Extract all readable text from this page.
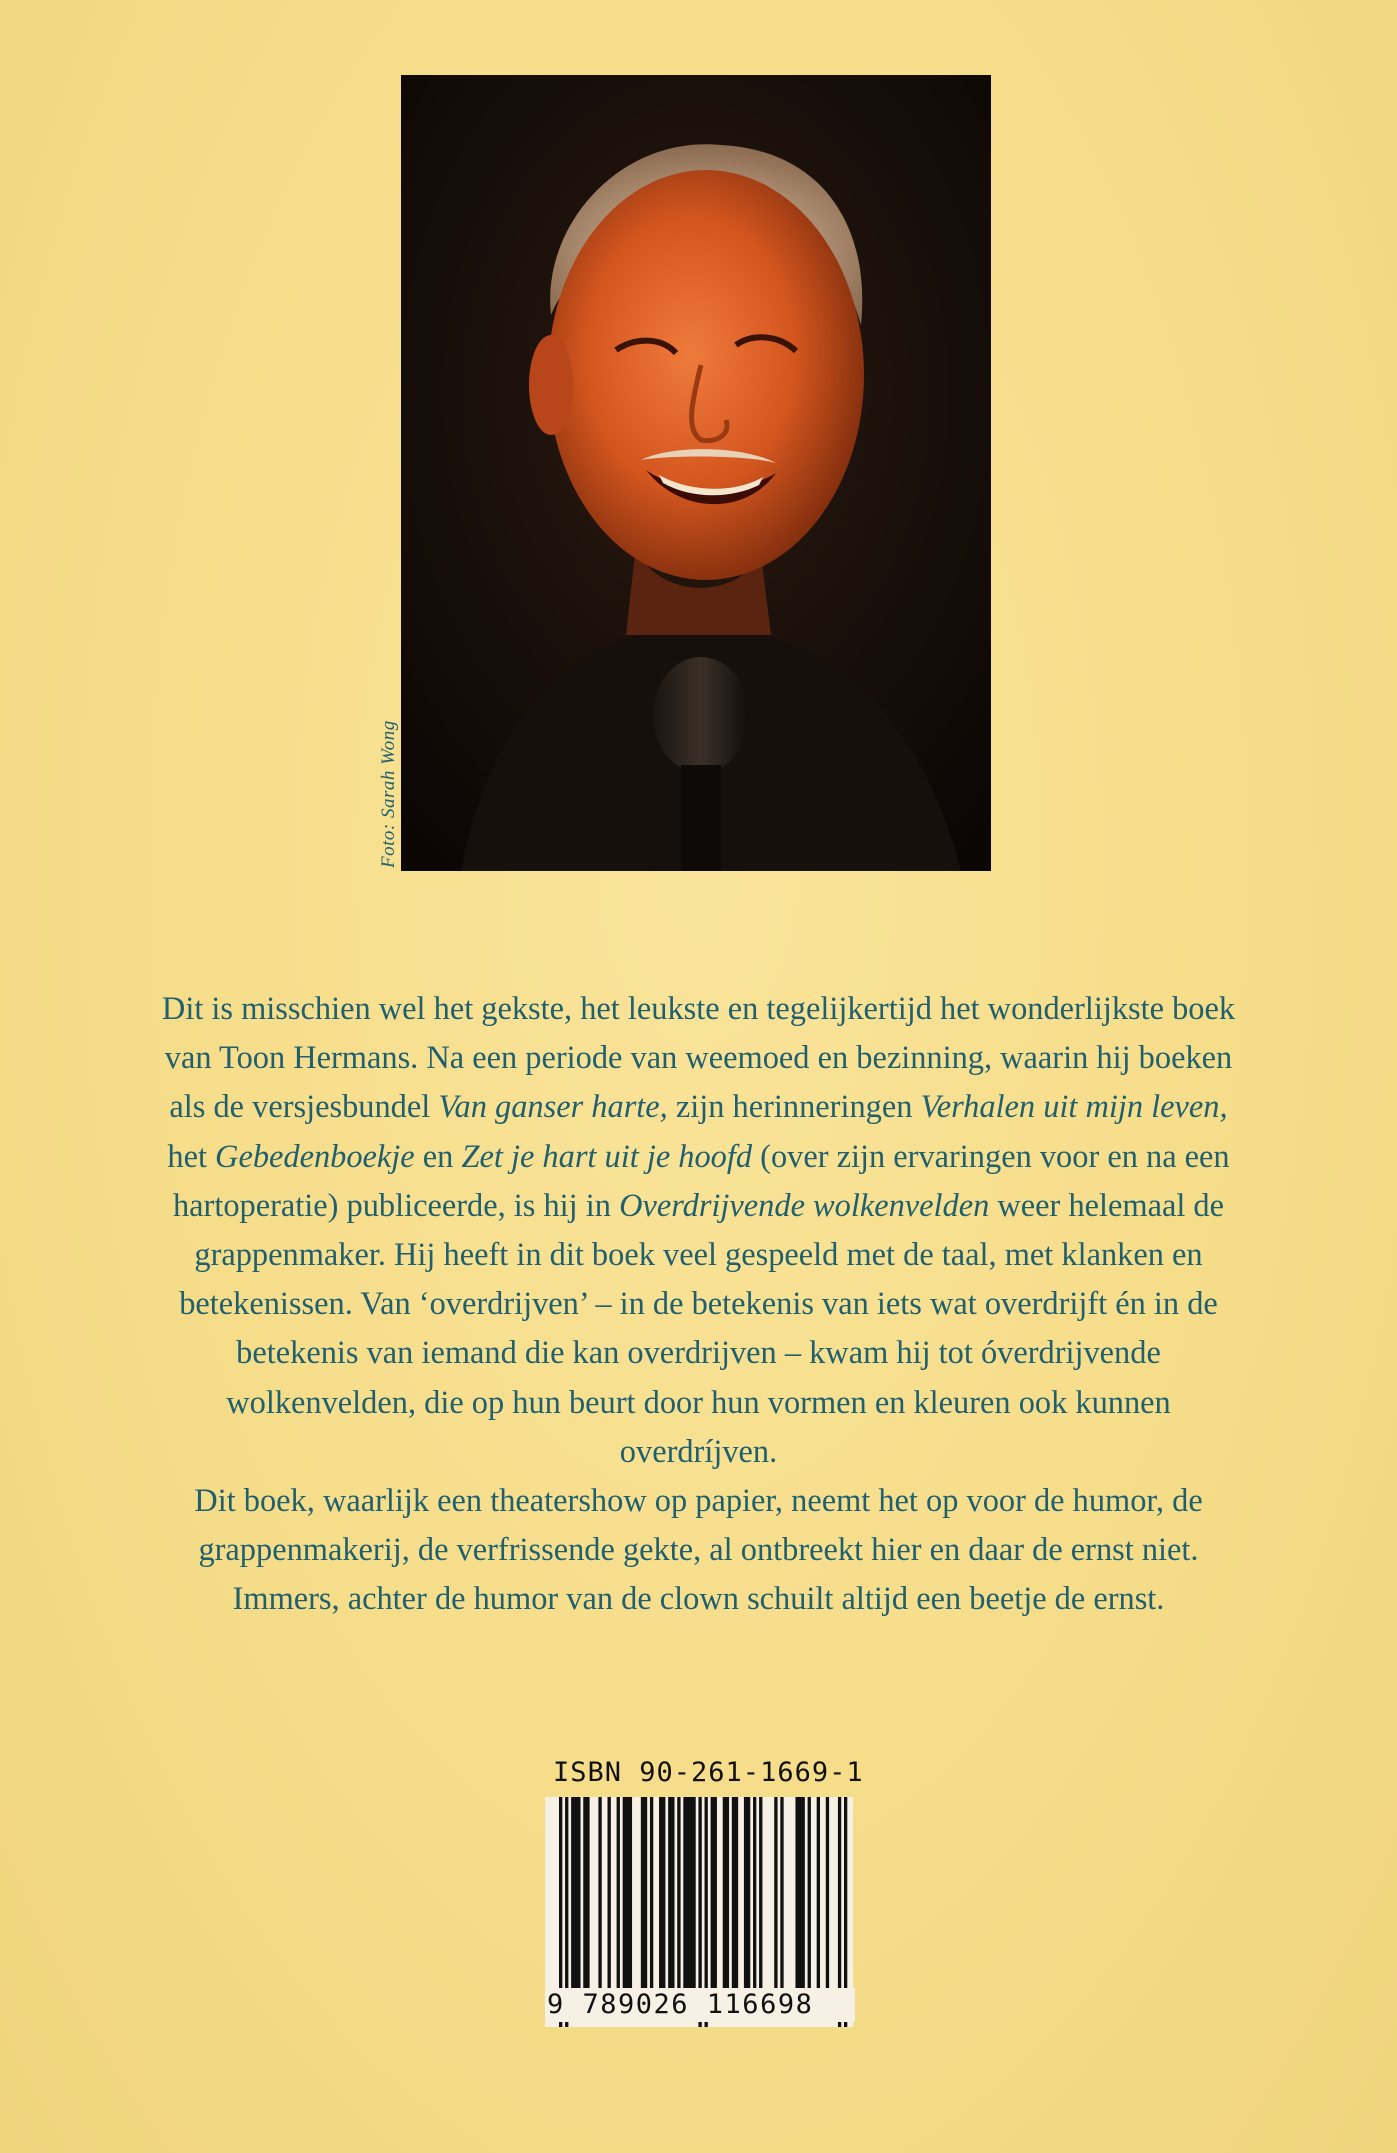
Foto: Sarah Wong

Dit is misschien wel het gekste, het leukste en tegelijkertijd het wonderlijkste boek van Toon Hermans. Na een periode van weemoed en bezinning, waarin hij boeken als de versjesbundel Van ganser harte, zijn herinneringen Verhalen uit mijn leven, het Gebedenboekje en Zet je hart uit je hoofd (over zijn ervaringen voor en na een hartoperatie) publiceerde, is hij in Overdrijvende wolkenvelden weer helemaal de grappenmaker. Hij heeft in dit boek veel gespeeld met de taal, met klanken en betekenissen. Van ‘overdrijven’ – in de betekenis van iets wat overdrijft én in de betekenis van iemand die kan overdrijven – kwam hij tot óverdrijvende wolkenvelden, die op hun beurt door hun vormen en kleuren ook kunnen overdríjven.

Dit boek, waarlijk een theatershow op papier, neemt het op voor de humor, de grappenmakerij, de verfrissende gekte, al ontbreekt hier en daar de ernst niet. Immers, achter de humor van de clown schuilt altijd een beetje de ernst.

ISBN 90-261-1669-1
9 789026 116698
